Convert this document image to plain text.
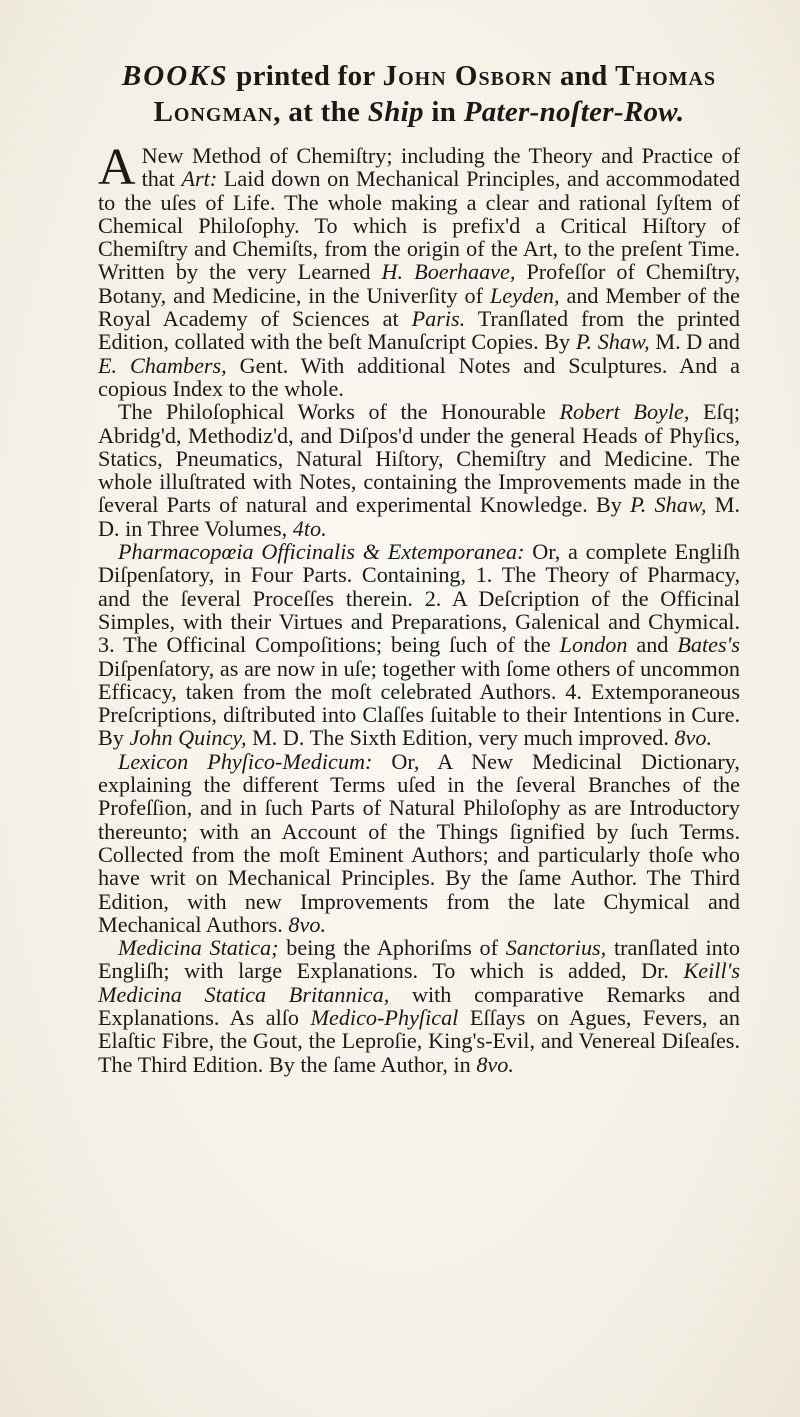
BOOKS printed for John Osborn and Thomas
Longman, at the Ship in Pater-noſter-Row.

A New Method of Chemiſtry; including the Theory and Practice of that Art: Laid down on Mechanical Principles, and accommodated to the uſes of Life. The whole making a clear and rational ſyſtem of Chemical Philoſophy. To which is prefix'd a Critical Hiſtory of Chemiſtry and Chemiſts, from the origin of the Art, to the preſent Time. Written by the very Learned H. Boerhaave, Profeſſor of Chemiſtry, Botany, and Medicine, in the Univerſity of Leyden, and Member of the Royal Academy of Sciences at Paris. Tranſlated from the printed Edition, collated with the beſt Manuſcript Copies. By P. Shaw, M. D and E. Chambers, Gent. With additional Notes and Sculptures. And a copious Index to the whole.

The Philoſophical Works of the Honourable Robert Boyle, Eſq; Abridg'd, Methodiz'd, and Diſpos'd under the general Heads of Phyſics, Statics, Pneumatics, Natural Hiſtory, Chemiſtry and Medicine. The whole illuſtrated with Notes, containing the Improvements made in the ſeveral Parts of natural and experimental Knowledge. By P. Shaw, M. D. in Three Volumes, 4to.

Pharmacopœia Officinalis & Extemporanea: Or, a complete Engliſh Diſpenſatory, in Four Parts. Containing, 1. The Theory of Pharmacy, and the ſeveral Proceſſes therein. 2. A Deſcription of the Officinal Simples, with their Virtues and Preparations, Galenical and Chymical. 3. The Officinal Compoſitions; being ſuch of the London and Bates's Diſpenſatory, as are now in uſe; together with ſome others of uncommon Efficacy, taken from the moſt celebrated Authors. 4. Extemporaneous Preſcriptions, diſtributed into Claſſes ſuitable to their Intentions in Cure. By John Quincy, M. D. The Sixth Edition, very much improved. 8vo.

Lexicon Phyſico-Medicum: Or, A New Medicinal Dictionary, explaining the different Terms uſed in the ſeveral Branches of the Profeſſion, and in ſuch Parts of Natural Philoſophy as are Introductory thereunto; with an Account of the Things ſignified by ſuch Terms. Collected from the moſt Eminent Authors; and particularly thoſe who have writ on Mechanical Principles. By the ſame Author. The Third Edition, with new Improvements from the late Chymical and Mechanical Authors. 8vo.

Medicina Statica; being the Aphoriſms of Sanctorius, tranſlated into Engliſh; with large Explanations. To which is added, Dr. Keill's Medicina Statica Britannica, with comparative Remarks and Explanations. As alſo Medico-Phyſical Eſſays on Agues, Fevers, an Elaſtic Fibre, the Gout, the Leproſie, King's-Evil, and Venereal Diſeaſes. The Third Edition. By the ſame Author, in 8vo.
